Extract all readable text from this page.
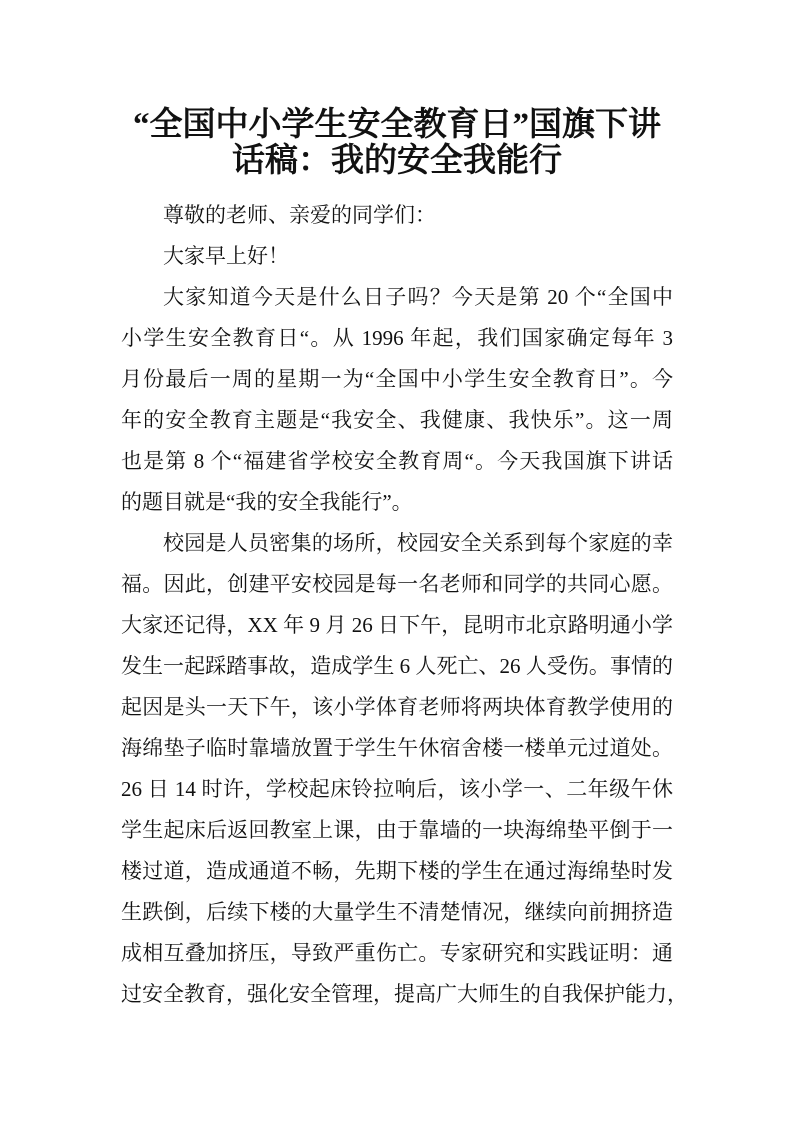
“全国中小学生安全教育日”国旗下讲
话稿：我的安全我能行
尊敬的老师、亲爱的同学们：
大家早上好！
大家知道今天是什么日子吗？今天是第 20 个“全国中
小学生安全教育日“。从 1996 年起，我们国家确定每年 3
月份最后一周的星期一为“全国中小学生安全教育日”。今
年的安全教育主题是“我安全、我健康、我快乐”。这一周
也是第 8 个“福建省学校安全教育周“。今天我国旗下讲话
的题目就是“我的安全我能行”。
校园是人员密集的场所，校园安全关系到每个家庭的幸
福。因此，创建平安校园是每一名老师和同学的共同心愿。
大家还记得，XX 年 9 月 26 日下午，昆明市北京路明通小学
发生一起踩踏事故，造成学生 6 人死亡、26 人受伤。事情的
起因是头一天下午，该小学体育老师将两块体育教学使用的
海绵垫子临时靠墙放置于学生午休宿舍楼一楼单元过道处。
26 日 14 时许，学校起床铃拉响后，该小学一、二年级午休
学生起床后返回教室上课，由于靠墙的一块海绵垫平倒于一
楼过道，造成通道不畅，先期下楼的学生在通过海绵垫时发
生跌倒，后续下楼的大量学生不清楚情况，继续向前拥挤造
成相互叠加挤压，导致严重伤亡。专家研究和实践证明：通
过安全教育，强化安全管理，提高广大师生的自我保护能力，
